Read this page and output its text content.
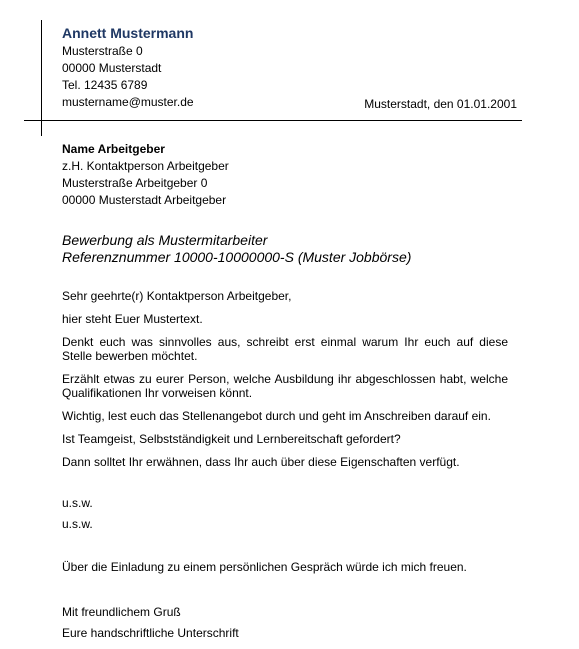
Annett Mustermann
Musterstraße 0
00000 Musterstadt
Tel. 12435 6789
mustername@muster.de	Musterstadt, den 01.01.2001
Name Arbeitgeber
z.H. Kontaktperson Arbeitgeber
Musterstraße Arbeitgeber 0
00000 Musterstadt Arbeitgeber
Bewerbung als Mustermitarbeiter
Referenznummer 10000-10000000-S (Muster Jobbörse)
Sehr geehrte(r) Kontaktperson Arbeitgeber,
hier steht Euer Mustertext.
Denkt euch was sinnvolles aus, schreibt erst einmal warum Ihr euch auf diese Stelle bewerben möchtet.
Erzählt etwas zu eurer Person, welche Ausbildung ihr abgeschlossen habt, welche Qualifikationen Ihr vorweisen könnt.
Wichtig, lest euch das Stellenangebot durch und geht im Anschreiben darauf ein.
Ist Teamgeist, Selbstständigkeit und Lernbereitschaft gefordert?
Dann solltet Ihr erwähnen, dass Ihr auch über diese Eigenschaften verfügt.
u.s.w.
u.s.w.
Über die Einladung zu einem persönlichen Gespräch würde ich mich freuen.
Mit freundlichem Gruß
Eure handschriftliche Unterschrift
